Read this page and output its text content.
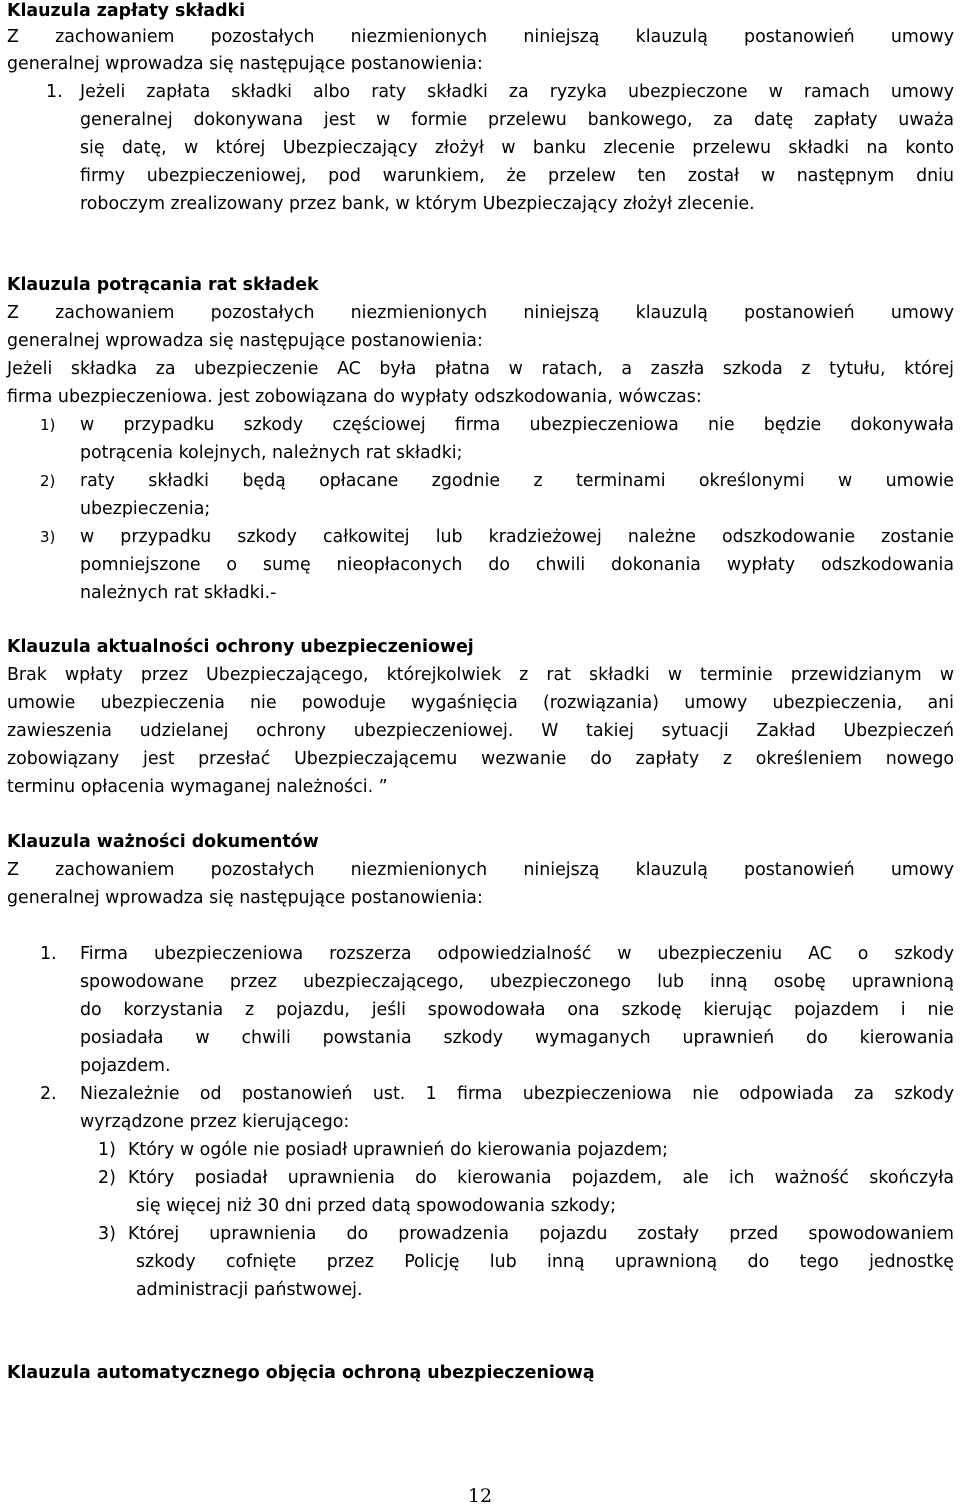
Klauzula zapłaty składki
Z zachowaniem pozostałych niezmienionych niniejszą klauzulą postanowień umowy
generalnej wprowadza się następujące postanowienia:
1. Jeżeli zapłata składki albo raty składki za ryzyka ubezpieczone w ramach umowy
generalnej dokonywana jest w formie przelewu bankowego, za datę zapłaty uważa
się datę, w której Ubezpieczający złożył w banku zlecenie przelewu składki na konto
firmy ubezpieczeniowej, pod warunkiem, że przelew ten został w następnym dniu
roboczym zrealizowany przez bank, w którym Ubezpieczający złożył zlecenie.
Klauzula potrącania rat składek
Z zachowaniem pozostałych niezmienionych niniejszą klauzulą postanowień umowy
generalnej wprowadza się następujące postanowienia:
Jeżeli składka za ubezpieczenie AC była płatna w ratach, a zaszła szkoda z tytułu, której
firma ubezpieczeniowa. jest zobowiązana do wypłaty odszkodowania, wówczas:
1)	w przypadku szkody częściowej firma ubezpieczeniowa nie będzie dokonywała
potrącenia kolejnych, należnych rat składki;
2)	raty składki będą opłacane zgodnie z terminami określonymi w umowie
ubezpieczenia;
3)	w przypadku szkody całkowitej lub kradzieżowej należne odszkodowanie zostanie
pomniejszone o sumę nieopłaconych do chwili dokonania wypłaty odszkodowania
należnych rat składki.-
Klauzula aktualności ochrony ubezpieczeniowej
Brak wpłaty przez Ubezpieczającego, którejkolwiek z rat składki w terminie przewidzianym w
umowie ubezpieczenia nie powoduje wygaśnięcia (rozwiązania) umowy ubezpieczenia, ani
zawieszenia udzielanej ochrony ubezpieczeniowej. W takiej sytuacji Zakład Ubezpieczeń
zobowiązany jest przesłać Ubezpieczającemu wezwanie do zapłaty z określeniem nowego
terminu opłacenia wymaganej należności. ”
Klauzula ważności dokumentów
Z zachowaniem pozostałych niezmienionych niniejszą klauzulą postanowień umowy
generalnej wprowadza się następujące postanowienia:
1. Firma ubezpieczeniowa rozszerza odpowiedzialność w ubezpieczeniu AC o szkody
spowodowane przez ubezpieczającego, ubezpieczonego lub inną osobę uprawnioną
do korzystania z pojazdu, jeśli spowodowała ona szkodę kierując pojazdem i nie
posiadała w chwili powstania szkody wymaganych uprawnień do kierowania
pojazdem.
2. Niezależnie od postanowień ust. 1 firma ubezpieczeniowa nie odpowiada za szkody
wyrządzone przez kierującego:
1) Który w ogóle nie posiadł uprawnień do kierowania pojazdem;
2) Który posiadał uprawnienia do kierowania pojazdem, ale ich ważność skończyła
się więcej niż 30 dni przed datą spowodowania szkody;
3) Której uprawnienia do prowadzenia pojazdu zostały przed spowodowaniem
szkody cofnięte przez Policję lub inną uprawnioną do tego jednostkę
administracji państwowej.
Klauzula automatycznego objęcia ochroną ubezpieczeniową
12
